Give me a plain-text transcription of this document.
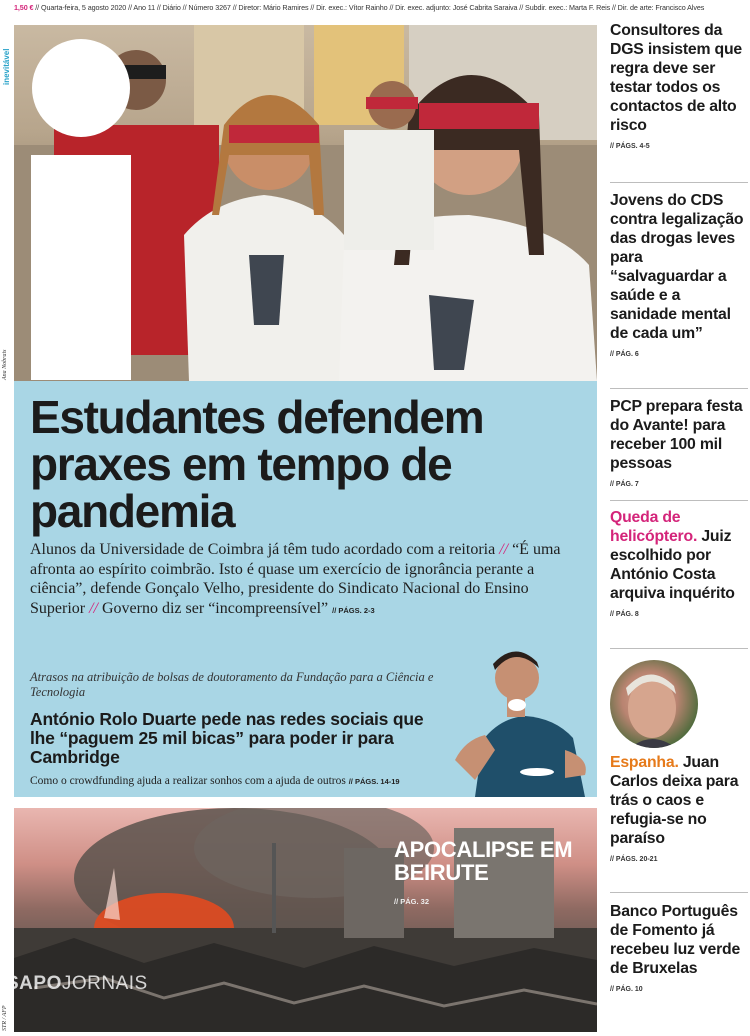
1,50 € // Quarta-feira, 5 agosto 2020 // Ano 11 // Diário // Número 3267 // Diretor: Mário Ramires // Dir. exec.: Vítor Rainho // Dir. exec. adjunto: José Cabrita Saraiva // Subdir. exec.: Marta F. Reis // Dir. de arte: Francisco Alves
inevitável
Ana Nobrais
Estudantes defendem praxes em tempo de pandemia
Alunos da Universidade de Coimbra já têm tudo acordado com a reitoria // “É uma afronta ao espírito coimbrão. Isto é quase um exercício de ignorância perante a ciência”, defende Gonçalo Velho, presidente do Sindicato Nacional do Ensino Superior // Governo diz ser “incompreensível” // PÁGS. 2-3
Atrasos na atribuição de bolsas de doutoramento da Fundação para a Ciência e Tecnologia
António Rolo Duarte pede nas redes sociais que lhe “paguem 25 mil bicas” para poder ir para Cambridge
Como o crowdfunding ajuda a realizar sonhos com a ajuda de outros // PÁGS. 14-19
APOCALIPSE EM BEIRUTE
// PÁG. 32
SAPOJORNAIS
STR / AFP
Consultores da DGS insistem que regra deve ser testar todos os contactos de alto risco
// PÁGS. 4-5
Jovens do CDS contra legalização das drogas leves para “salvaguardar a saúde e a sanidade mental de cada um”
// PÁG. 6
PCP prepara festa do Avante! para receber 100 mil pessoas
// PÁG. 7
Queda de helicóptero. Juiz escolhido por António Costa arquiva inquérito
// PÁG. 8
Espanha. Juan Carlos deixa para trás o caos e refugia-se no paraíso
// PÁGS. 20-21
Banco Português de Fomento já recebeu luz verde de Bruxelas
// PÁG. 10
